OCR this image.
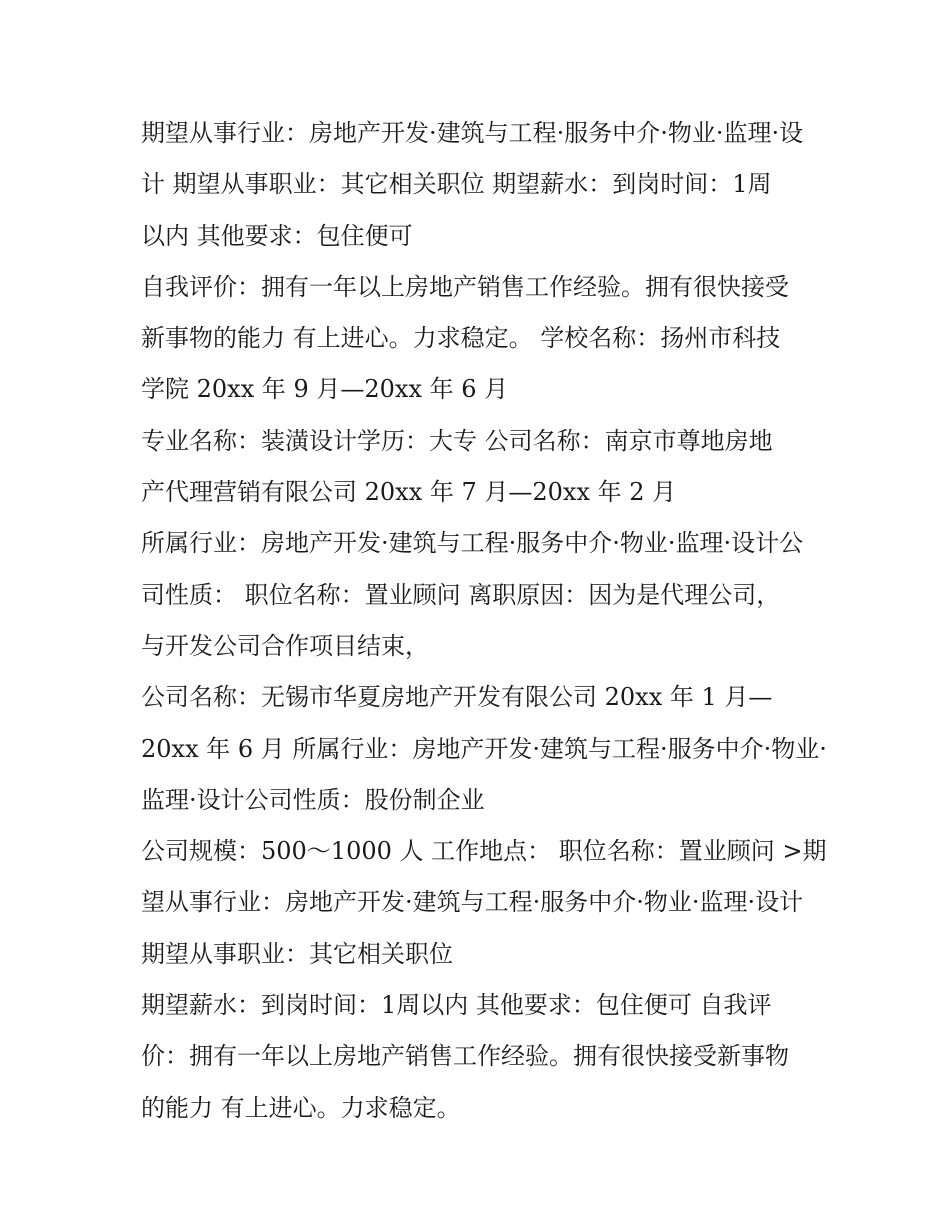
期望从事行业：房地产开发·建筑与工程·服务中介·物业·监理·设
计 期望从事职业：其它相关职位 期望薪水：到岗时间：1周
以内 其他要求：包住便可
自我评价：拥有一年以上房地产销售工作经验。拥有很快接受
新事物的能力 有上进心。力求稳定。 学校名称：扬州市科技
学院 20xx 年 9 月—20xx 年 6 月
专业名称：装潢设计学历：大专 公司名称：南京市尊地房地
产代理营销有限公司 20xx 年 7 月—20xx 年 2 月
所属行业：房地产开发·建筑与工程·服务中介·物业·监理·设计公
司性质： 职位名称：置业顾问 离职原因：因为是代理公司，
与开发公司合作项目结束，
公司名称：无锡市华夏房地产开发有限公司 20xx 年 1 月—
20xx 年 6 月 所属行业：房地产开发·建筑与工程·服务中介·物业·
监理·设计公司性质：股份制企业
公司规模：500～1000 人 工作地点： 职位名称：置业顾问 >期
望从事行业：房地产开发·建筑与工程·服务中介·物业·监理·设计
期望从事职业：其它相关职位
期望薪水：到岗时间：1周以内 其他要求：包住便可 自我评
价：拥有一年以上房地产销售工作经验。拥有很快接受新事物
的能力 有上进心。力求稳定。
